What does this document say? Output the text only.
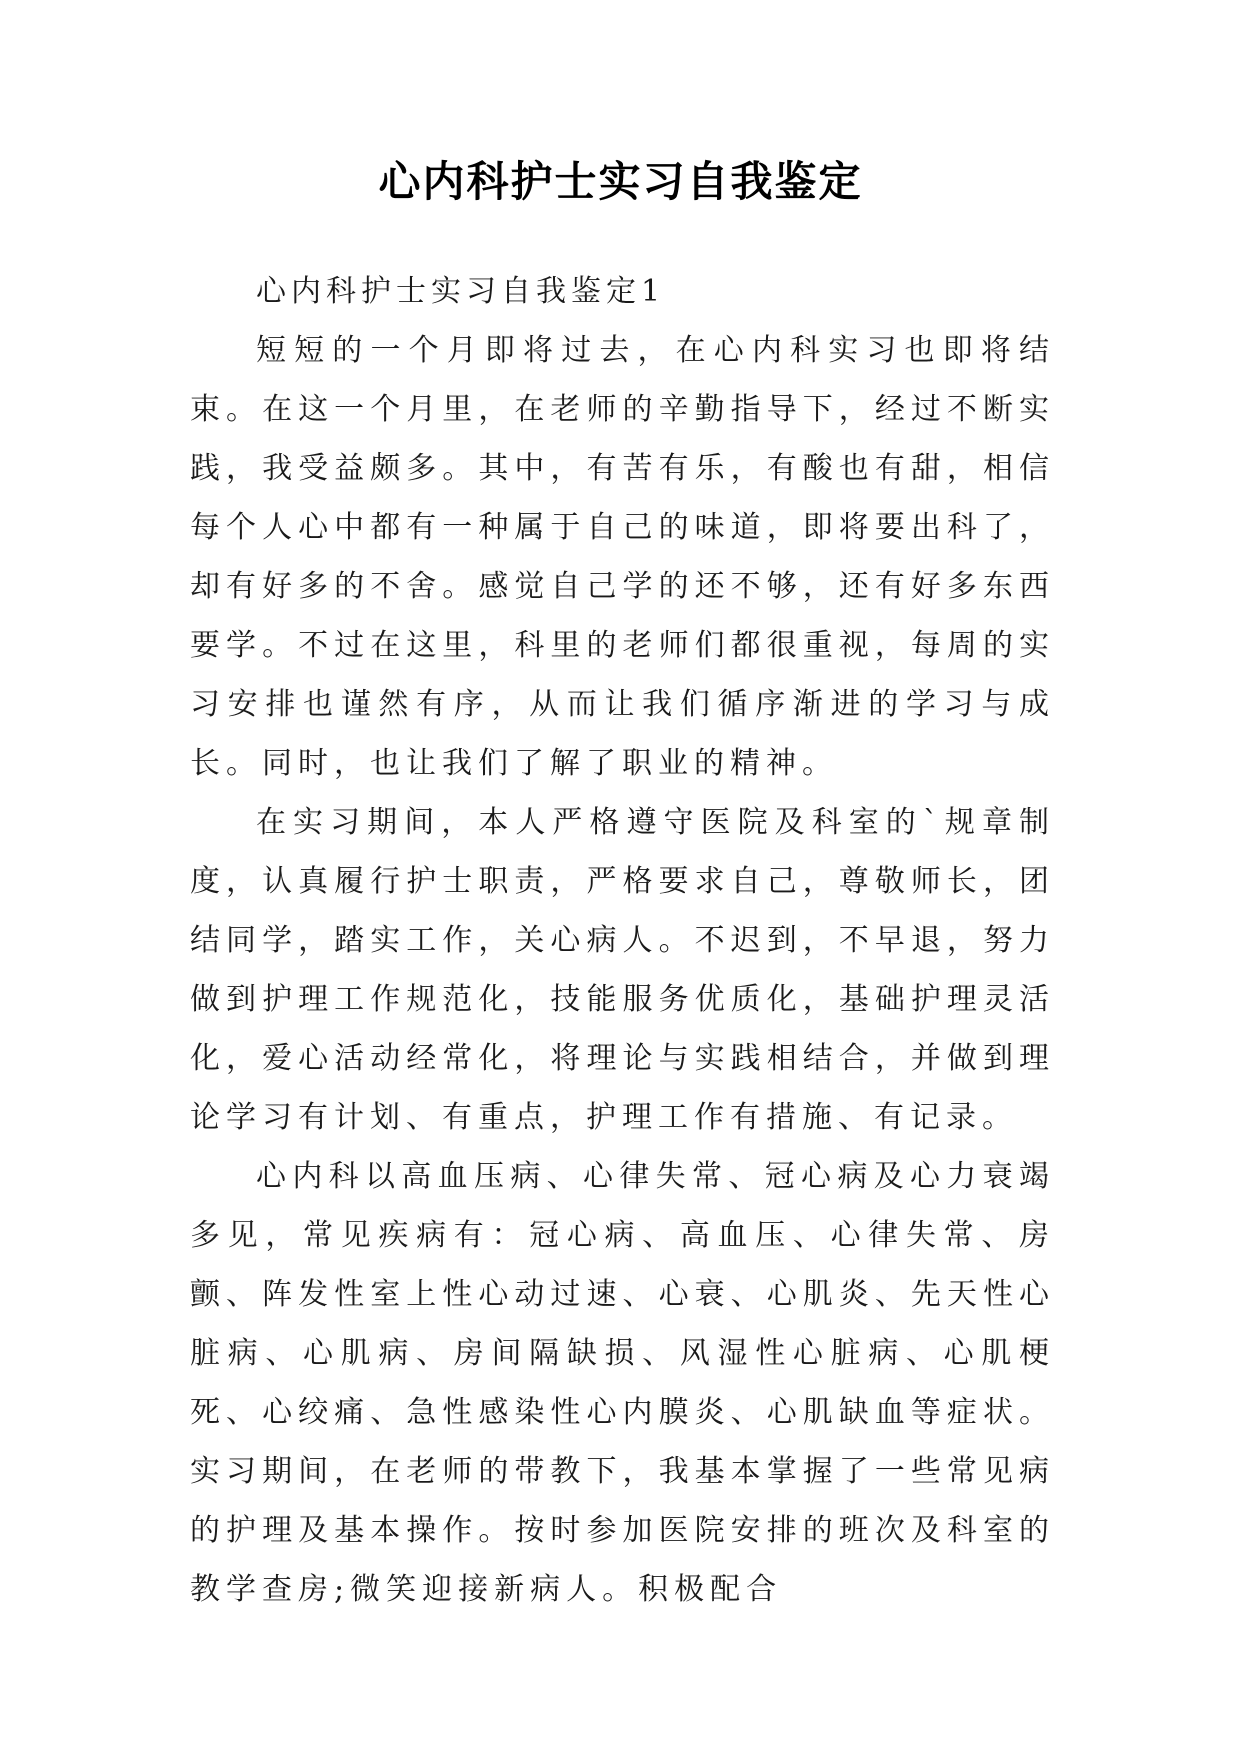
心内科护士实习自我鉴定

心内科护士实习自我鉴定1

短短的一个月即将过去，在心内科实习也即将结束。在这一个月里，在老师的辛勤指导下，经过不断实践，我受益颇多。其中，有苦有乐，有酸也有甜，相信每个人心中都有一种属于自己的味道，即将要出科了，却有好多的不舍。感觉自己学的还不够，还有好多东西要学。不过在这里，科里的老师们都很重视，每周的实习安排也谨然有序，从而让我们循序渐进的学习与成长。同时，也让我们了解了职业的精神。

在实习期间，本人严格遵守医院及科室的`规章制度，认真履行护士职责，严格要求自己，尊敬师长，团结同学，踏实工作，关心病人。不迟到，不早退，努力做到护理工作规范化，技能服务优质化，基础护理灵活化，爱心活动经常化，将理论与实践相结合，并做到理论学习有计划、有重点，护理工作有措施、有记录。

心内科以高血压病、心律失常、冠心病及心力衰竭多见，常见疾病有：冠心病、高血压、心律失常、房颤、阵发性室上性心动过速、心衰、心肌炎、先天性心脏病、心肌病、房间隔缺损、风湿性心脏病、心肌梗死、心绞痛、急性感染性心内膜炎、心肌缺血等症状。实习期间，在老师的带教下，我基本掌握了一些常见病的护理及基本操作。按时参加医院安排的班次及科室的教学查房;微笑迎接新病人。积极配合
